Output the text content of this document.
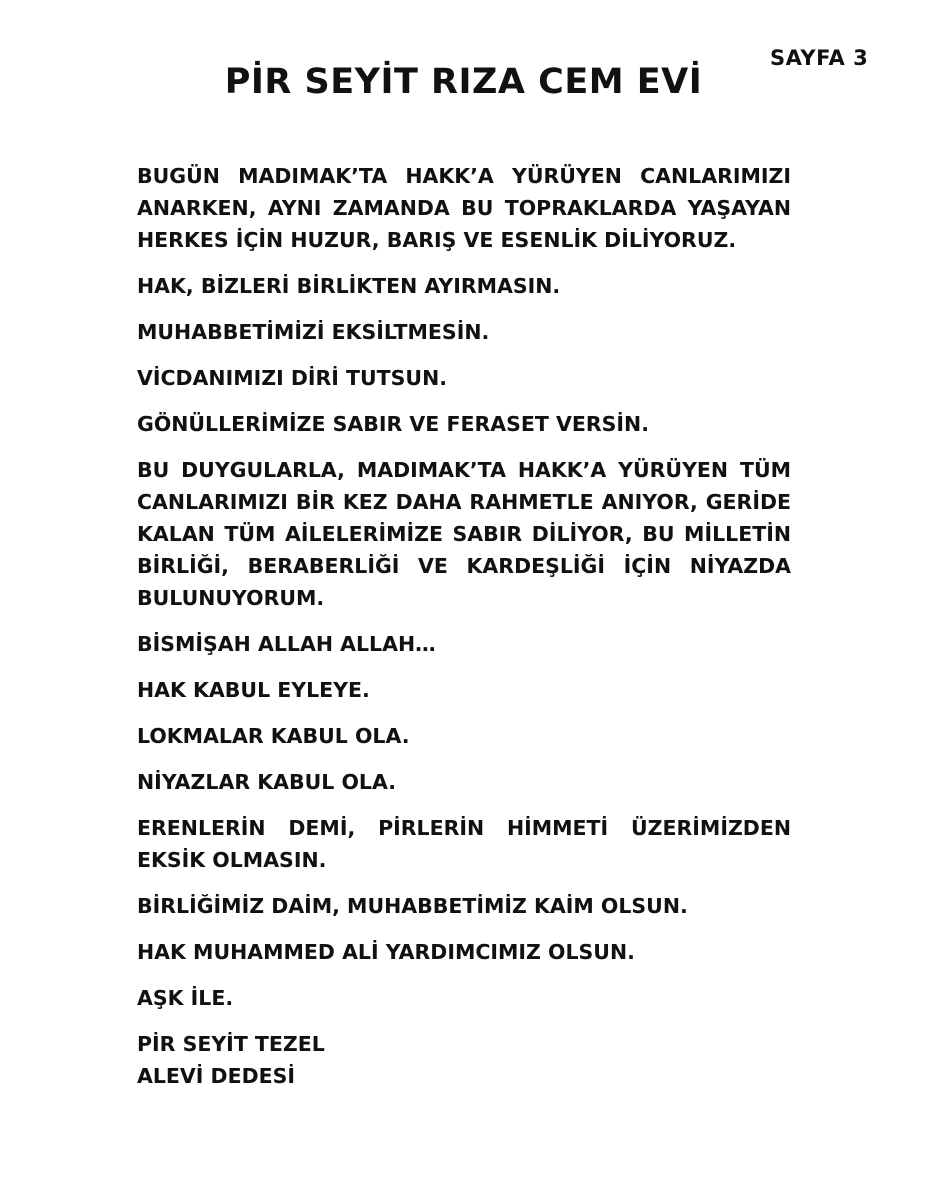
SAYFA 3
PİR SEYİT RIZA CEM EVİ

BUGÜN MADIMAK’TA HAKK’A YÜRÜYEN CANLARIMIZI ANARKEN, AYNI ZAMANDA BU TOPRAKLARDA YAŞAYAN HERKES İÇİN HUZUR, BARIŞ VE ESENLİK DİLİYORUZ.

HAK, BİZLERİ BİRLİKTEN AYIRMASIN.

MUHABBETİMİZİ EKSİLTMESİN.

VİCDANIMIZI DİRİ TUTSUN.

GÖNÜLLERİMİZE SABIR VE FERASET VERSİN.

BU DUYGULARLA, MADIMAK’TA HAKK’A YÜRÜYEN TÜM CANLARIMIZI BİR KEZ DAHA RAHMETLE ANIYOR, GERİDE KALAN TÜM AİLELERİMİZE SABIR DİLİYOR, BU MİLLETİN BİRLİĞİ, BERABERLİĞİ VE KARDEŞLİĞİ İÇİN NİYAZDA BULUNUYORUM.

BİSMİŞAH ALLAH ALLAH…

HAK KABUL EYLEYE.

LOKMALAR KABUL OLA.

NİYAZLAR KABUL OLA.

ERENLERİN DEMİ, PİRLERİN HİMMETİ ÜZERİMİZDEN EKSİK OLMASIN.

BİRLİĞİMİZ DAİM, MUHABBETİMİZ KAİM OLSUN.

HAK MUHAMMED ALİ YARDIMCIMIZ OLSUN.

AŞK İLE.

PİR SEYİT TEZEL
ALEVİ DEDESİ
